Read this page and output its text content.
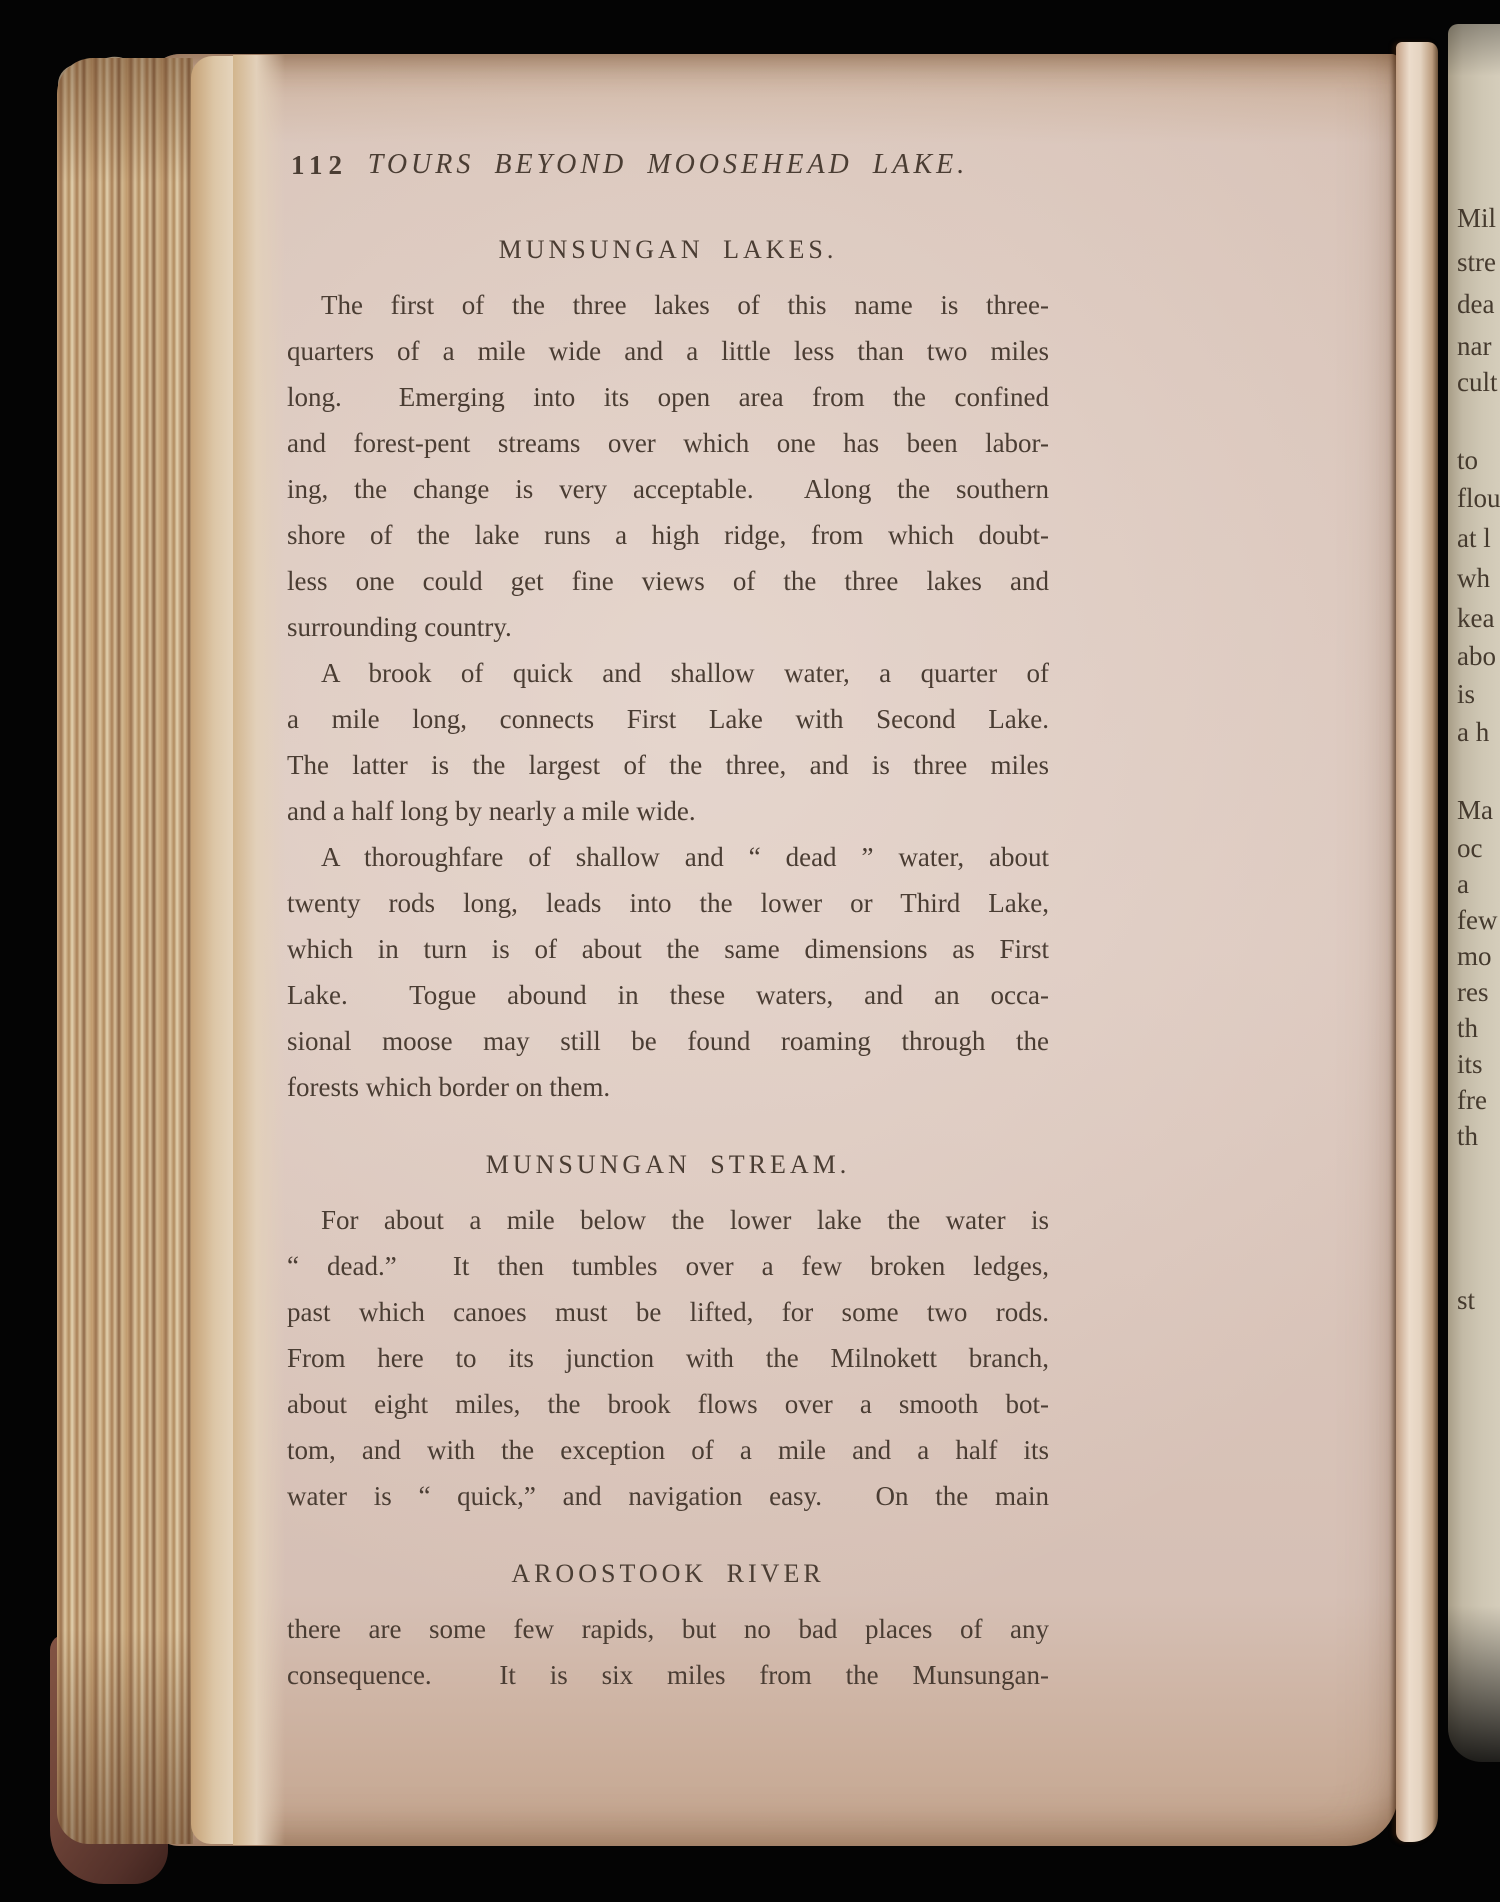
112 TOURS BEYOND MOOSEHEAD LAKE.
MUNSUNGAN LAKES.
The first of the three lakes of this name is three-
quarters of a mile wide and a little less than two miles
long.  Emerging into its open area from the confined
and forest-pent streams over which one has been labor-
ing, the change is very acceptable.  Along the southern
shore of the lake runs a high ridge, from which doubt-
less one could get fine views of the three lakes and
surrounding country.
A brook of quick and shallow water, a quarter of
a mile long, connects First Lake with Second Lake.
The latter is the largest of the three, and is three miles
and a half long by nearly a mile wide.
A thoroughfare of shallow and “ dead ” water, about
twenty rods long, leads into the lower or Third Lake,
which in turn is of about the same dimensions as First
Lake.  Togue abound in these waters, and an occa-
sional moose may still be found roaming through the
forests which border on them.
MUNSUNGAN STREAM.
For about a mile below the lower lake the water is
“ dead.”  It then tumbles over a few broken ledges,
past which canoes must be lifted, for some two rods.
From here to its junction with the Milnokett branch,
about eight miles, the brook flows over a smooth bot-
tom, and with the exception of a mile and a half its
water is “ quick,” and navigation easy.  On the main
AROOSTOOK RIVER
there are some few rapids, but no bad places of any
consequence.  It is six miles from the Munsungan-
Mil
stre
dea
nar
cult
to
flou
at l
wh
kea
abo
is
a h
Ma
oc
a
few
mo
res
th
its
fre
th
st
